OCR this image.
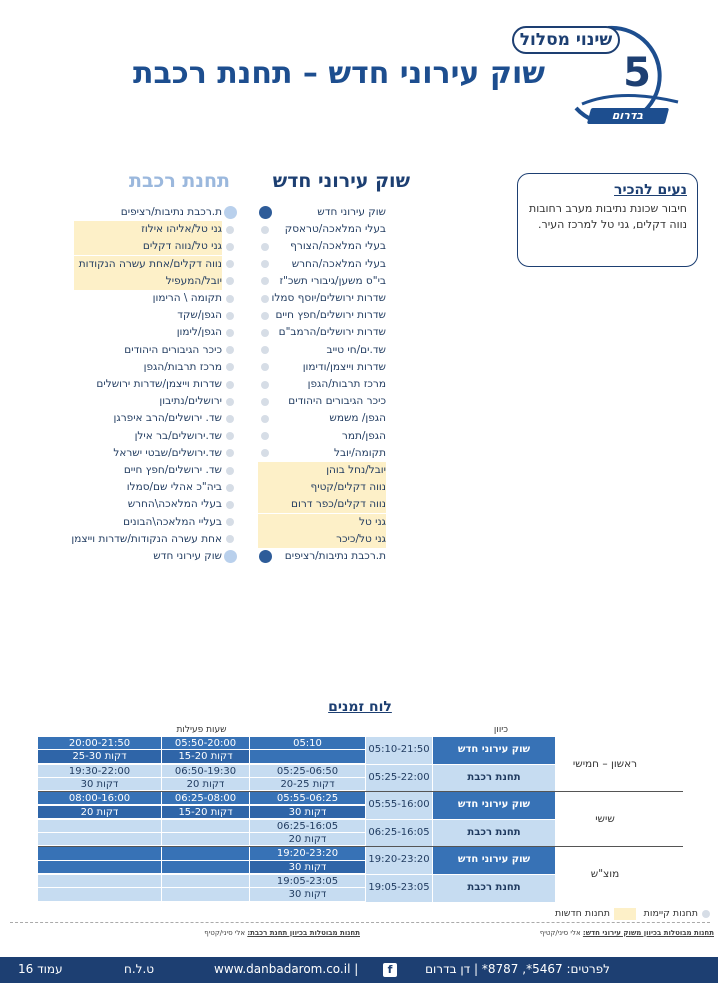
שינוי מסלול
5
שוק עירוני חדש – תחנת רכבת
בדרום
נעים להכיר
חיבור שכונת נתיבות מערב רחובות נווה דקלים, גני טל למרכז העיר.
שוק עירוני חדש
תחנת רכבת
שוק עירוני חדש
בעלי המלאכה/טראסק
בעלי המלאכה/הצורף
בעלי המלאכה/החרש
בי"ס משען/גיבורי תשכ"ז
שדרות ירושלים/יוסף סמלו
שדרות ירושלים/חפץ חיים
שדרות ירושלים/הרמב"ם
שד.ים/חי טייב
שדרות וייצמן/ודימון
מרכז תרבות/הגפן
כיכר הגיבורים היהודים
הגפן/ משמש
הגפן/תמר
תקומה/יובל
יובל/נחל בוהן
נווה דקלים/קטיף
נווה דקלים/כפר דרום
גני טל
גני טל/כיכר
ת.רכבת נתיבות/רציפים
ת.רכבת נתיבות/רציפים
גני טל/אליהו אילוז
גני טל/נווה דקלים
נווה דקלים/אחת עשרה הנקודות
יובל/המעפיל
תקומה \ הרימון
הגפן/שקד
הגפן/לימון
כיכר הגיבורים היהודים
מרכז תרבות/הגפן
שדרות וייצמן/שדרות ירושלים
ירושלים/נתיבון
שד. ירושלים/הרב איפרגן
שד.ירושלים/בר אילן
שד.ירושלים/שבטי ישראל
שד. ירושלים/חפץ חיים
ביה"כ אהלי שם/סמלו
בעלי המלאכה\החרש
בעליי המלאכה\הבונים
אחת עשרה הנקודות/שדרות וייצמן
שוק עירוני חדש
לוח זמנים
כיוון
שעות פעילות
שוק עירוני חדש
05:10-21:50
05:10
05:50-20:00
15-20 דקות
20:00-21:50
25-30 דקות
תחנת רכבת
05:25-22:00
05:25-06:50
20-25 דקות
06:50-19:30
20 דקות
19:30-22:00
30 דקות
שוק עירוני חדש
05:55-16:00
05:55-06:25
30 דקות
06:25-08:00
15-20 דקות
08:00-16:00
20 דקות
תחנת רכבת
06:25-16:05
06:25-16:05
20 דקות
שוק עירוני חדש
19:20-23:20
19:20-23:20
30 דקות
תחנת רכבת
19:05-23:05
19:05-23:05
30 דקות
ראשון – חמישי
שישי
מוצ"ש
תחנות קיימות
תחנות חדשות
תחנות מבוטלות בכיוון משוק עירוני חדש: אלי סיני/קטיף
תחנות מבוטלות בכיוון תחנת רכבת: אלי סיני/קטיף
לפרטים: 5467*, 8787* | דן בדרום
f
www.danbadarom.co.il |
ט.ל.ח
עמוד 16
